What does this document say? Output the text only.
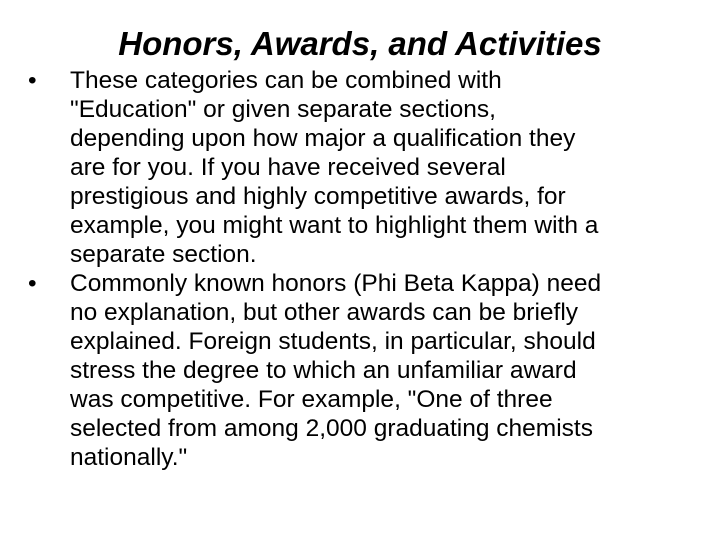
Honors, Awards, and Activities
•	These categories can be combined with
"Education" or given separate sections,
depending upon how major a qualification they
are for you. If you have received several
prestigious and highly competitive awards, for
example, you might want to highlight them with a
separate section.
•	Commonly known honors (Phi Beta Kappa) need
no explanation, but other awards can be briefly
explained. Foreign students, in particular, should
stress the degree to which an unfamiliar award
was competitive. For example, "One of three
selected from among 2,000 graduating chemists
nationally."
